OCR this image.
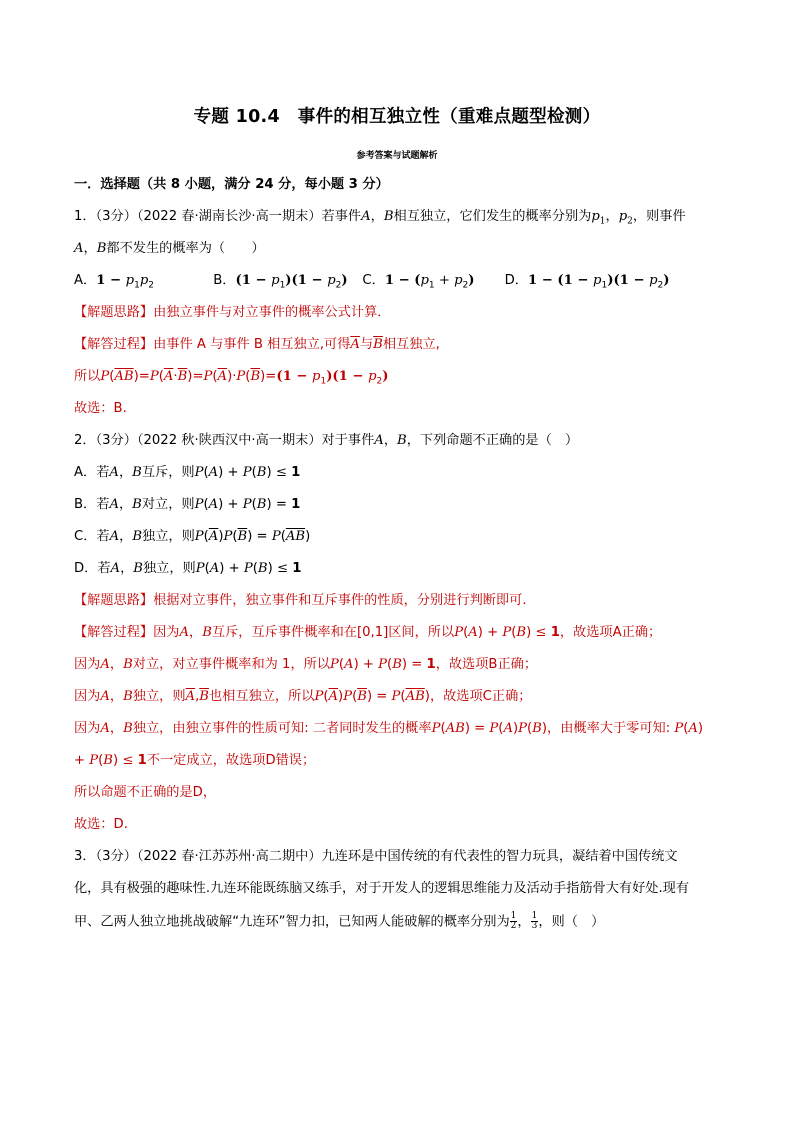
专题 10.4　事件的相互独立性（重难点题型检测）
参考答案与试题解析
一．选择题（共 8 小题，满分 24 分，每小题 3 分）
1．（3分）（2022 春·湖南长沙·高一期末）若事件A，B相互独立，它们发生的概率分别为$p_1$，$p_2$，则事件
A，B都不发生的概率为（　　）
A．$1 - p_1p_2$	B．$(1 - p_1)(1 - p_2)$ C．$1 - (p_1 + p_2)$ D．$1 - (1 - p_1)(1 - p_2)$
【解题思路】由独立事件与对立事件的概率公式计算．
【解答过程】由事件 A 与事件 B 相互独立,可得$\overline{A}$与$\overline{B}$相互独立,
所以$P(\overline{AB})=P(\overline{A}\cdot\overline{B})=P(\overline{A})\cdot P(\overline{B})=(1 - p_1)(1 - p_2)$
故选：B.
2．（3分）（2022 秋·陕西汉中·高一期末）对于事件A，B，下列命题不正确的是（　）
A．若A，B互斥，则P(A) + P(B) ≤ 1
B．若A，B对立，则P(A) + P(B) = 1
C．若A，B独立，则$P(\overline{A})P(\overline{B}) = P(\overline{AB})$
D．若A，B独立，则P(A) + P(B) ≤ 1
【解题思路】根据对立事件，独立事件和互斥事件的性质，分别进行判断即可.
【解答过程】因为A，B互斥，互斥事件概率和在[0,1]区间，所以P(A) + P(B) ≤ 1，故选项A正确；
因为A，B对立，对立事件概率和为 1，所以P(A) + P(B) = 1，故选项B正确；
因为A，B独立，则$\overline{A},\overline{B}$也相互独立，所以$P(\overline{A})P(\overline{B}) = P(\overline{AB})$，故选项C正确；
因为A，B独立，由独立事件的性质可知: 二者同时发生的概率P(AB) = P(A)P(B)，由概率大于零可知: P(A)
+ P(B) ≤ 1不一定成立，故选项D错误；
所以命题不正确的是D，
故选：D.
3．（3分）（2022 春·江苏苏州·高二期中）九连环是中国传统的有代表性的智力玩具，凝结着中国传统文
化，具有极强的趣味性.九连环能既练脑又练手，对于开发人的逻辑思维能力及活动手指筋骨大有好处.现有
甲、乙两人独立地挑战破解“九连环”智力扣，已知两人能破解的概率分别为 $\frac{1}{2}$ ， $\frac{1}{3}$ ，则（　）
